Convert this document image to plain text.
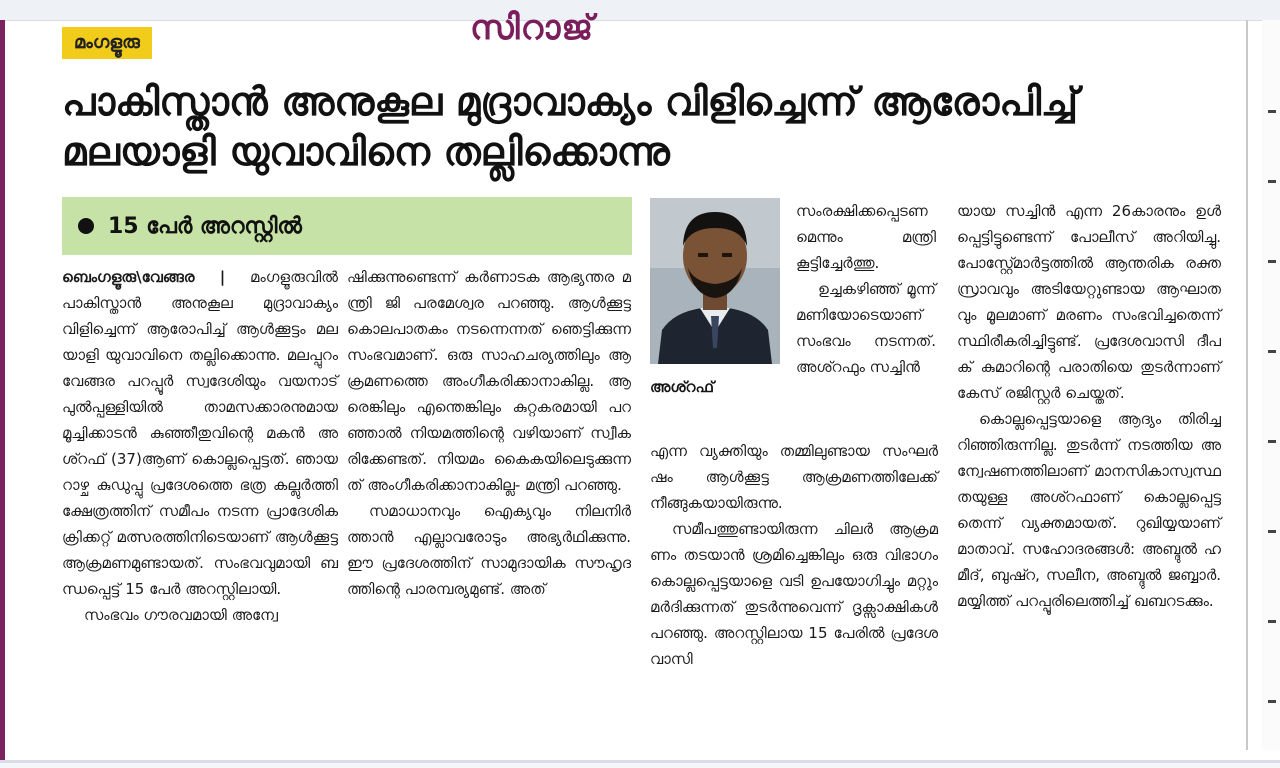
സിറാജ്
മംഗളൂരു
പാകിസ്താൻ അനുകൂല മുദ്രാവാക്യം വിളിച്ചെന്ന് ആരോപിച്ച്
മലയാളി യുവാവിനെ തല്ലിക്കൊന്നു
15 പേർ അറസ്റ്റിൽ

ബെംഗളൂരു\വേങ്ങര | മംഗളൂരുവിൽ പാകിസ്താൻ അനുകൂല മുദ്രാവാക്യം വിളിച്ചെന്ന് ആരോപിച്ച് ആൾക്കൂട്ടം മലയാളി യുവാവിനെ തല്ലിക്കൊന്നു. മലപ്പുറം വേങ്ങര പറപ്പൂർ സ്വദേശിയും വയനാട് പുൽപ്പള്ളിയിൽ താമസക്കാരനുമായ മൂച്ചിക്കാടൻ കുഞ്ഞീതുവിന്റെ മകൻ അശ്റഫ് (37)ആണ് കൊല്ലപ്പെട്ടത്. ഞായറാഴ്ച കുഡുപ്പു പ്രദേശത്തെ ഭത്ര കല്ലുർത്തി ക്ഷേത്രത്തിന് സമീപം നടന്ന പ്രാദേശിക ക്രിക്കറ്റ് മത്സരത്തിനിടെയാണ് ആൾക്കൂട്ട ആക്രമണമുണ്ടായത്. സംഭവവുമായി ബന്ധപ്പെട്ട് 15 പേർ അറസ്റ്റിലായി.

സംഭവം ഗൗരവമായി അന്വേ

ഷിക്കുന്നുണ്ടെന്ന് കർണാടക ആഭ്യന്തര മന്ത്രി ജി പരമേശ്വര പറഞ്ഞു. ആൾക്കൂട്ട കൊലപാതകം നടന്നെന്നത് ഞെട്ടിക്കുന്ന സംഭവമാണ്. ഒരു സാഹചര്യത്തിലും ആക്രമണത്തെ അംഗീകരിക്കാനാകില്ല. ആരെങ്കിലും എന്തെങ്കിലും കുറ്റകരമായി പറഞ്ഞാൽ നിയമത്തിന്റെ വഴിയാണ് സ്വീകരിക്കേണ്ടത്. നിയമം കൈകയിലെടുക്കുന്നത് അംഗീകരിക്കാനാകില്ല- മന്ത്രി പറഞ്ഞു.

സമാധാനവും ഐക്യവും നിലനിർത്താൻ എല്ലാവരോടും അഭ്യർഥിക്കുന്നു. ഈ പ്രദേശത്തിന് സാമുദായിക സൗഹൃദത്തിന്റെ പാരമ്പര്യമുണ്ട്. അത്

അശ്റഫ്

സംരക്ഷിക്കപ്പെടണമെന്നും മന്ത്രി കൂട്ടിച്ചേർത്തു.

ഉച്ചകഴിഞ്ഞ് മൂന്ന് മണിയോടെയാണ് സംഭവം നടന്നത്. അശ്റഫും സച്ചിൻ

എന്ന വ്യക്തിയും തമ്മിലുണ്ടായ സംഘർഷം ആൾക്കൂട്ട ആക്രമണത്തിലേക്ക് നീങ്ങുകയായിരുന്നു.

സമീപത്തുണ്ടായിരുന്ന ചിലർ ആക്രമണം തടയാൻ ശ്രമിച്ചെങ്കിലും ഒരു വിഭാഗം കൊല്ലപ്പെട്ടയാളെ വടി ഉപയോഗിച്ചും മറ്റും മർദിക്കുന്നത് തുടർന്നുവെന്ന് ദൃക്സാക്ഷികൾ പറഞ്ഞു. അറസ്റ്റിലായ 15 പേരിൽ പ്രദേശവാസി

യായ സച്ചിൻ എന്ന 26കാരനും ഉൾപ്പെട്ടിട്ടുണ്ടെന്ന് പോലീസ് അറിയിച്ചു. പോസ്റ്റ്മോർട്ടത്തിൽ ആന്തരിക രക്തസ്രാവവും അടിയേറ്റുണ്ടായ ആഘാതവും മൂലമാണ് മരണം സംഭവിച്ചതെന്ന് സ്ഥിരീകരിച്ചിട്ടുണ്ട്. പ്രദേശവാസി ദീപക് കുമാറിന്റെ പരാതിയെ തുടർന്നാണ് കേസ് രജിസ്റ്റർ ചെയ്തത്.

കൊല്ലപ്പെട്ടയാളെ ആദ്യം തിരിച്ചറിഞ്ഞിരുന്നില്ല. തുടർന്ന് നടത്തിയ അന്വേഷണത്തിലാണ് മാനസികാസ്വസ്ഥതയുള്ള അശ്റഫാണ് കൊല്ലപ്പെട്ടതെന്ന് വ്യക്തമായത്. റുഖിയ്യയാണ് മാതാവ്. സഹോദരങ്ങൾ: അബ്ദുൽ ഹമീദ്, ബുഷ്റ, സലീന, അബ്ദുൽ ജബ്ബാർ. മയ്യിത്ത് പറപ്പൂരിലെത്തിച്ച് ഖബറടക്കും.
